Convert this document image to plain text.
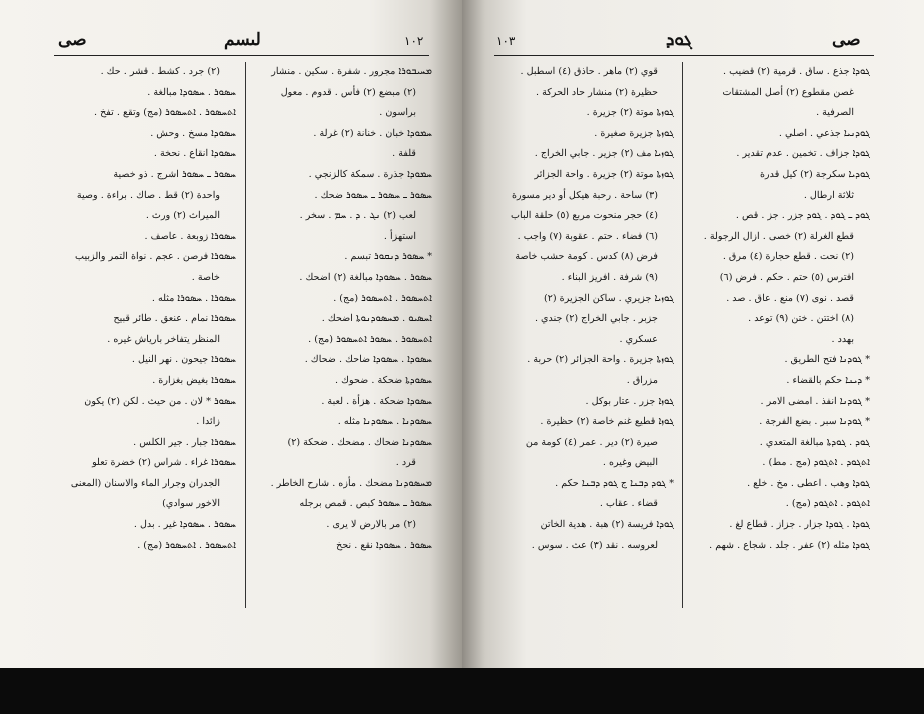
صى	لىسم	١٠٢
(٢) جرد . كشط . قشر . حك .
ܚܣܘܪ . ܚܣܘܕܐ مبالغة .
ܐܬܚܣܘܪ . ܐܬܚܣܘܪ (مج) وتقع . تفخ .
ܚܣܘܕܐ مسخ . وحش .
ܚܣܘܕܐ انقاع . نحخة .
ܚܣܘܪ ـ ܚܣܘܪ اشرج . ذو خصية
واحدة (٢) قط . صاك . براءة . وصية
الميراث (٢) ورث .
ܚܣܘܪܐ زوبعة . عاصف .
ܚܣܘܪܐ فرصن . عجم . نواة التمر والزبيب
خاصة .
ܚܣܘܪܐ . ܚܣܘܪܐ مثله .
ܚܣܘܪܐ نمام . عنعق . طائر قبيح
المنظر يتفاخر بارياش غيره .
ܚܣܘܪܐ جيحون . نهر النيل .
ܚܣܘܪܐ بغيض بغزارة .
ܚܣܘܪ * لان . من حيث . لكن (٢) يكون
زائدا .
ܚܣܘܪܐ جبار . جير الكلس .
ܚܣܘܪܐ غراء . شراس (٢) خضرة تعلو
الجدران وجرار الماء والاسنان (المعنى
الاخور سوادي)
ܚܣܘܪ . ܚܣܘܕܐ غير . بدل .
ܐܬܚܣܘܪ . ܐܬܚܣܘܪ (مج) .
ܡܚܝܒܘܪܐ مجرور . شفرة . سكين . منشار
(٢) مبضع (٢) فأس . قدوم . معول
براسون .
ܚܡܘܕܐ خبان . خنانة (٢) غرلة .
قلفة .
ܚܡܘܕܐ جذرة . سمكة كالزنجي .
ܚܣܘܪ ـ ܚܣܘܪ ـ ܚܣܘܪ ضحك .
لعب (٢) ܢܓ . ܕ . ܚܡ . سخر .
استهزأ .
* ܚܣܘܪ ܕܢܩܘܪ تبسم .
ܚܣܘܪ . ܚܣܘܕܐ مبالغة (٢) اضحك .
ܐܬܚܣܘܪ . ܐܬܚܣܘܪ (مج) .
ܐܚܣܝܘ . ܡܚܣܘܕܢܘܬܐ اضحك .
ܐܬܚܣܘܪ . ܚܣܘܪ ܐܬܚܣܘܪ (مج) .
ܚܣܘܕܐ . ܚܣܘܕܐ ضاحك . ضحاك .
ܚܣܘܕܬܐ ضحكة . ضحوك .
ܚܣܘܕܐ ضحكة . هزأة . لعبة .
ܚܣܘܕܢܐ . ܚܣܘܕܢܐ مثله .
ܚܣܘܕܢܐ ضحاك . مضحك . ضحكة (٢)
قرد .
ܡܚܣܘܕܢܐ مضحك . مأزه . شارح الخاطر .
ܚܣܘܪ ـ ܚܣܘܪ كبص . قمص برجله
(٢) مر بالارض لا يرى .
ܚܣܘܪ . ܚܣܘܕܐ نقع . نحخ
١٠٣	ܓܘܕ	صى
قوي (٢) ماهر . حاذق (٤) اسطبل .
حظيرة (٢) منشار حاد الحركة .
ܓܘܙܬܐ موتة (٢) جزيرة .
ܓܘܙܬܐ جزيرة صغيرة .
ܓܘܙܝܐ مف (٢) جزير . جابي الخراج .
ܓܘܙܬܐ موتة (٢) جزيرة . واحة الجزائر
(٣) ساحة . رحبة هيكل أو دير مسورة
(٤) حجر منحوت مربع (٥) حلقة الباب
(٦) فضاء . حتم . عقوبة (٧) واجب .
فرض (٨) كدس . كومة حشب خاصة
(٩) شرفة . افريز البناء .
ܓܘܙܝܐ جزيري . ساكن الجزيرة (٢)
جزبر . جابي الخراج (٢) جندي .
عسكري .
ܓܘܙܬܐ جزيرة . واحة الجزائر (٢) حربة .
مزراق .
ܓܘܙܐ جزر . عتار بوكل .
ܓܘܙܐ قطيع غنم خاصة (٢) حظيرة .
صيرة (٢) دير . عمر (٤) كومة من
البيض وغيره .
* ܓܘܕ ܕܒܢܐ ج ܓܘܕ ܕܒܢܐ حكم .
قضاء . عقاب .
ܓܘܕܐ فريسة (٢) هبة . هدية الخاتن
لعروسه . نقد (٣) عث . سوس .
ܓܘܕܐ جذع . ساق . قرمية (٢) قضيب .
غصن مقطوع (٢) أصل المشتقات
الصرفية .
ܓܘܕܢܝܐ جذعي . اصلي .
ܓܘܕܐ جزاف . تخمين . عدم تقدير .
ܓܘܕܝܐ سكرجة (٢) كيل قدرة
ثلاثة ارطال .
ܓܘܕ ـ ܓܘܕ . ܓܘܕ جزر . جز . قص .
قطع الغرلة (٢) خصى . ازال الرجولة .
(٢) نحت . قطع حجارة (٤) مرق .
افترس (٥) حتم . حكم . فرض (٦)
قصد . نوى (٧) منع . عاق . صد .
(٨) اختتن . ختن (٩) توعد .
بهدد .
* ܓܘܕܢܐ فتح الطريق .
* ܕܝܢܐ حكم بالقضاء .
* ܓܘܕܢܐ انفذ . امضى الامر .
* ܓܘܕܢܐ سبر . بضع الفرجة .
ܓܘܕ . ܓܘܕܬܐ مبالغة المتعدي .
ܐܬܓܘܕ . ܐܬܓܘܕ (مج . مط) .
ܓܘܕܐ وهب . اعطى . مخ . خلع .
ܐܬܓܘܕ . ܐܬܓܘܕ (مج) .
ܓܘܕܐ . ܓܘܕܐ جزار . جزاز . قطاع لغ .
ܓܘܕܐ مثله (٢) عفر . جلد . شجاع . شهم .
